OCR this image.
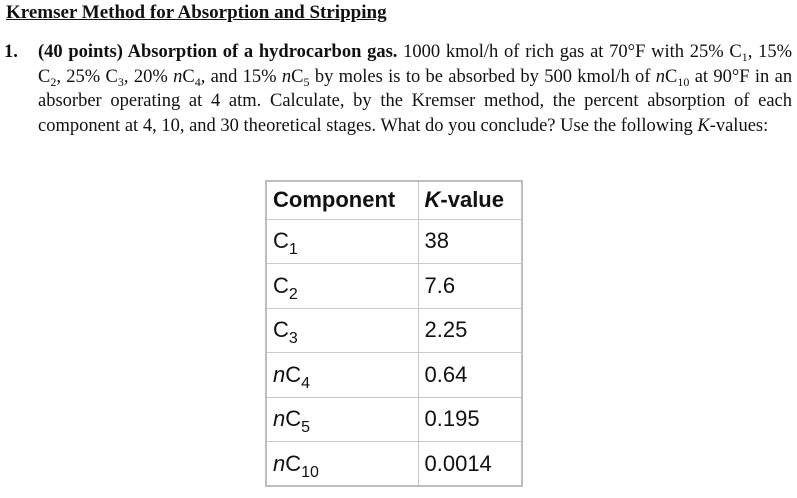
Kremser Method for Absorption and Stripping
1. (40 points) Absorption of a hydrocarbon gas. 1000 kmol/h of rich gas at 70°F with 25% $C_1$, 15% $C_2$, 25% $C_3$, 20% $nC_4$, and 15% $nC_5$ by moles is to be absorbed by 500 kmol/h of $nC_{10}$ at 90°F in an absorber operating at 4 atm. Calculate, by the Kremser method, the percent absorption of each component at 4, 10, and 30 theoretical stages. What do you conclude? Use the following K-values:
Component	K-value
$C_1$	38
$C_2$	7.6
$C_3$	2.25
$nC_4$	0.64
$nC_5$	0.195
$nC_{10}$	0.0014
